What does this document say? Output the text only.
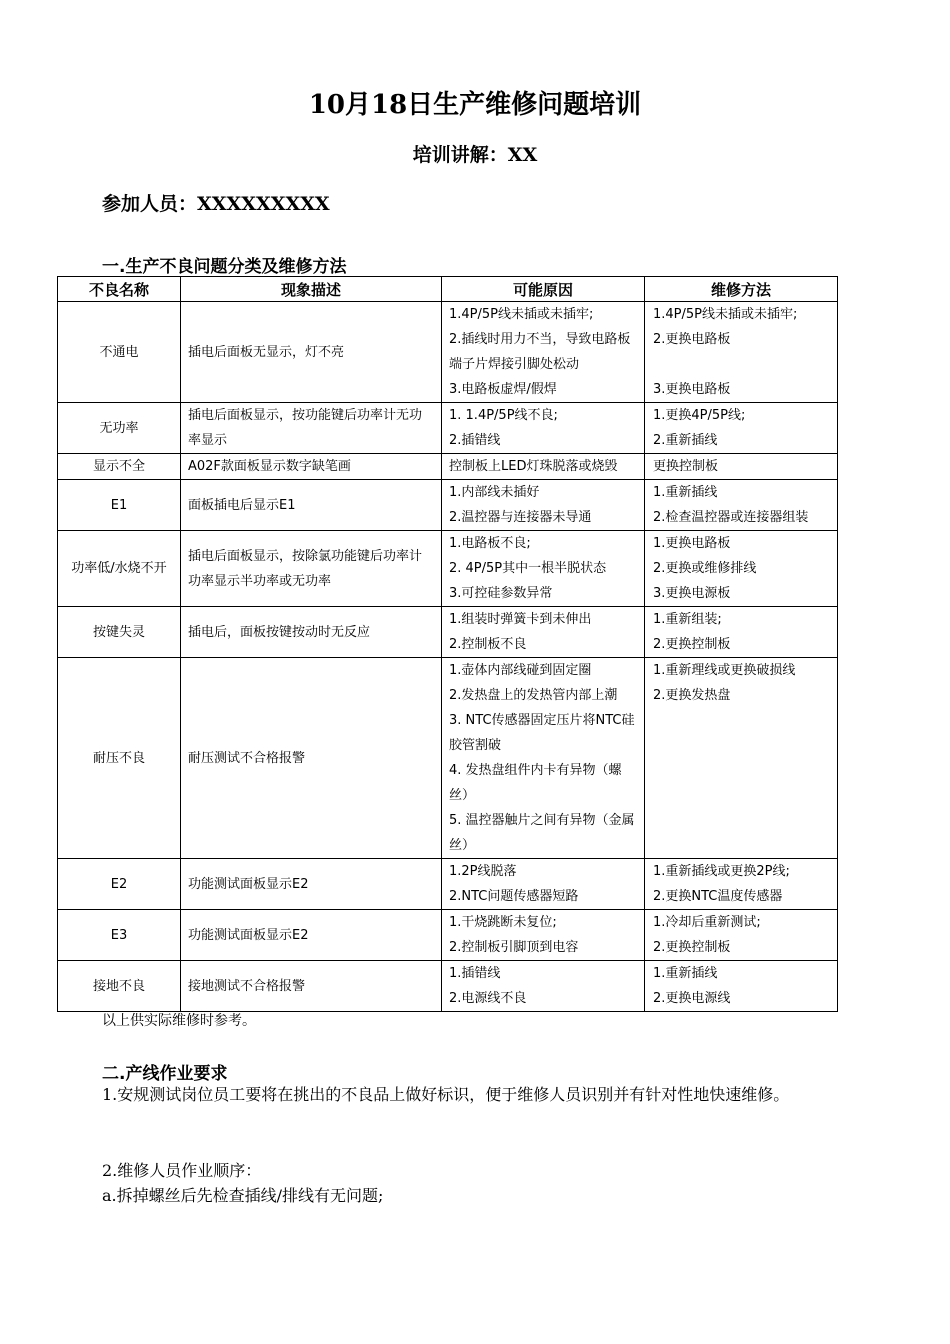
10月18日生产维修问题培训
培训讲解：XX
参加人员：XXXXXXXXX
一.生产不良问题分类及维修方法
不良名称	现象描述	可能原因	维修方法
不通电	插电后面板无显示，灯不亮	1.4P/5P线未插或未插牢;
2.插线时用力不当，导致电路板端子片焊接引脚处松动
3.电路板虚焊/假焊	1.4P/5P线未插或未插牢;
2.更换电路板
3.更换电路板

无功率	插电后面板显示，按功能键后功率计无功率显示	1. 1.4P/5P线不良;
2.插错线	1.更换4P/5P线;
2.重新插线

显示不全	A02F款面板显示数字缺笔画	控制板上LED灯珠脱落或烧毁	更换控制板

E1	面板插电后显示E1	1.内部线未插好
2.温控器与连接器未导通	1.重新插线
2.检查温控器或连接器组装

功率低/水烧不开	插电后面板显示，按除氯功能键后功率计功率显示半功率或无功率	1.电路板不良;
2. 4P/5P其中一根半脱状态
3.可控硅参数异常	1.更换电路板
2.更换或维修排线
3.更换电源板

按键失灵	插电后，面板按键按动时无反应	1.组装时弹簧卡到未伸出
2.控制板不良	1.重新组装;
2.更换控制板

耐压不良	耐压测试不合格报警	1.壶体内部线碰到固定圈
2.发热盘上的发热管内部上潮
3. NTC传感器固定压片将NTC硅胶管割破
4. 发热盘组件内卡有异物（螺丝）
5. 温控器触片之间有异物（金属丝）	1.重新理线或更换破损线
2.更换发热盘

E2	功能测试面板显示E2	1.2P线脱落
2.NTC问题传感器短路	1.重新插线或更换2P线;
2.更换NTC温度传感器

E3	功能测试面板显示E2	1.干烧跳断未复位;
2.控制板引脚顶到电容	1.冷却后重新测试;
2.更换控制板

接地不良	接地测试不合格报警	1.插错线
2.电源线不良	1.重新插线
2.更换电源线
以上供实际维修时参考。
二.产线作业要求
1.安规测试岗位员工要将在挑出的不良品上做好标识，便于维修人员识别并有针对性地快速维修。
2.维修人员作业顺序：
a.拆掉螺丝后先检查插线/排线有无问题;
